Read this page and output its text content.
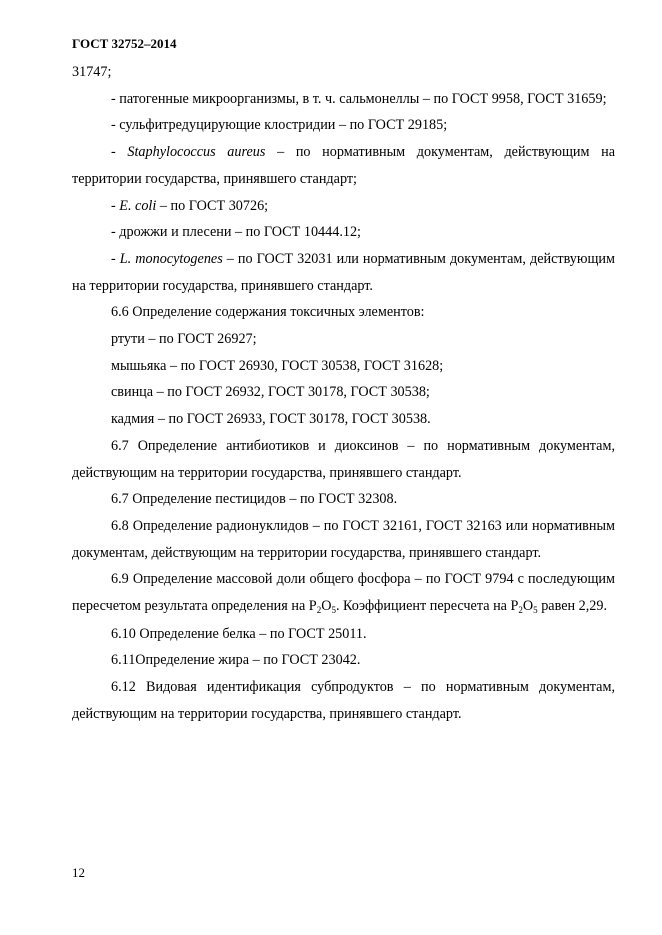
ГОСТ 32752–2014

31747;

- патогенные микроорганизмы, в т. ч. сальмонеллы – по ГОСТ 9958, ГОСТ 31659;

- сульфитредуцирующие клостридии – по ГОСТ 29185;

- Staphylococcus aureus – по нормативным документам, действующим на территории государства, принявшего стандарт;

- E. coli – по ГОСТ 30726;

- дрожжи и плесени – по ГОСТ 10444.12;

- L. monocytogenes – по ГОСТ 32031 или нормативным документам, действующим на территории государства, принявшего стандарт.

6.6 Определение содержания токсичных элементов:

ртути – по ГОСТ 26927;

мышьяка – по ГОСТ 26930, ГОСТ 30538, ГОСТ 31628;

свинца – по ГОСТ 26932, ГОСТ 30178, ГОСТ 30538;

кадмия – по ГОСТ 26933, ГОСТ 30178, ГОСТ 30538.

6.7 Определение антибиотиков и диоксинов – по нормативным документам, действующим на территории государства, принявшего стандарт.

6.7 Определение пестицидов – по ГОСТ 32308.

6.8 Определение радионуклидов – по ГОСТ 32161, ГОСТ 32163 или нормативным документам, действующим на территории государства, принявшего стандарт.

6.9 Определение массовой доли общего фосфора – по ГОСТ 9794 с последующим пересчетом результата определения на $P_2O_5$. Коэффициент пересчета на $P_2O_5$ равен 2,29.

6.10 Определение белка – по ГОСТ 25011.

6.11Определение жира – по ГОСТ 23042.

6.12 Видовая идентификация субпродуктов – по нормативным документам, действующим на территории государства, принявшего стандарт.

12
